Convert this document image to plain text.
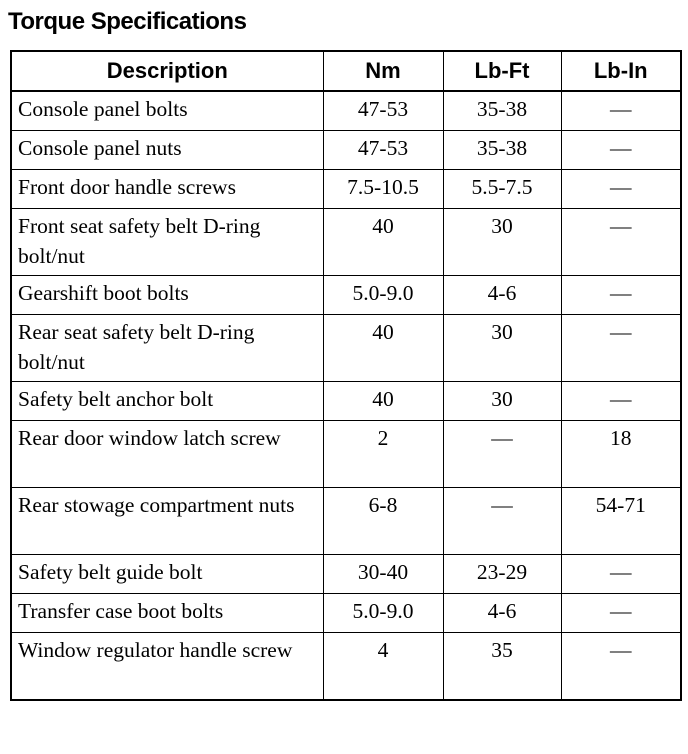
Torque Specifications
Description	Nm	Lb-Ft	Lb-In
Console panel bolts	47-53	35-38	—
Console panel nuts	47-53	35-38	—
Front door handle screws	7.5-10.5	5.5-7.5	—
Front seat safety belt D-ring bolt/nut	40	30	—
Gearshift boot bolts	5.0-9.0	4-6	—
Rear seat safety belt D-ring bolt/nut	40	30	—
Safety belt anchor bolt	40	30	—
Rear door window latch screw	2	—	18
Rear stowage compartment nuts	6-8	—	54-71
Safety belt guide bolt	30-40	23-29	—
Transfer case boot bolts	5.0-9.0	4-6	—
Window regulator handle screw	4	35	—
